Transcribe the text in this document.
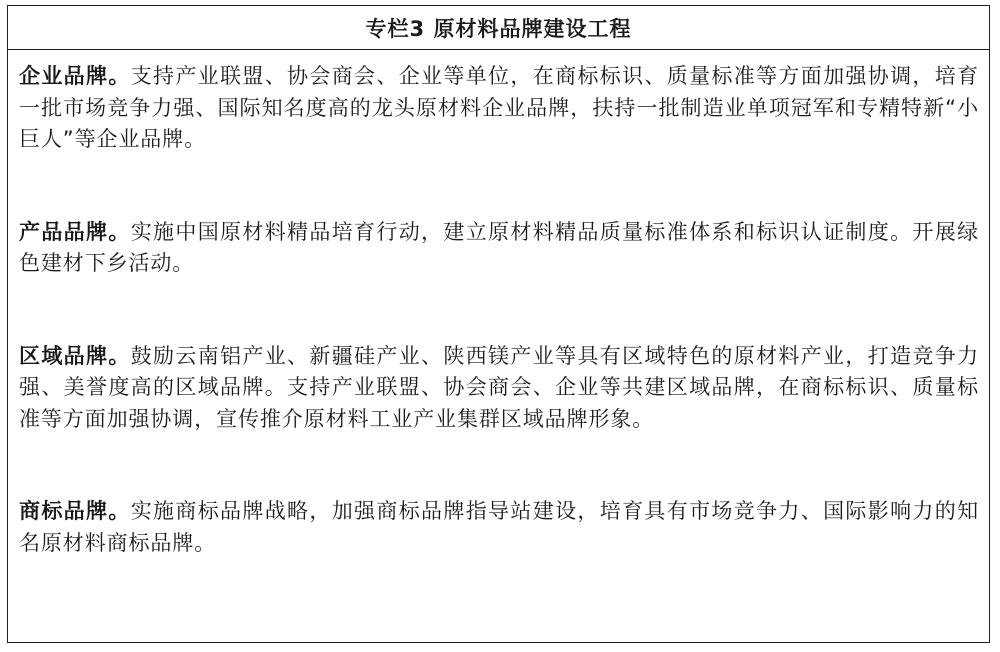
专栏3 原材料品牌建设工程

企业品牌。支持产业联盟、协会商会、企业等单位，在商标标识、质量标准等方面加强协调，培育一批市场竞争力强、国际知名度高的龙头原材料企业品牌，扶持一批制造业单项冠军和专精特新“小巨人”等企业品牌。

产品品牌。实施中国原材料精品培育行动，建立原材料精品质量标准体系和标识认证制度。开展绿色建材下乡活动。

区域品牌。鼓励云南铝产业、新疆硅产业、陕西镁产业等具有区域特色的原材料产业，打造竞争力强、美誉度高的区域品牌。支持产业联盟、协会商会、企业等共建区域品牌，在商标标识、质量标准等方面加强协调，宣传推介原材料工业产业集群区域品牌形象。

商标品牌。实施商标品牌战略，加强商标品牌指导站建设，培育具有市场竞争力、国际影响力的知名原材料商标品牌。
